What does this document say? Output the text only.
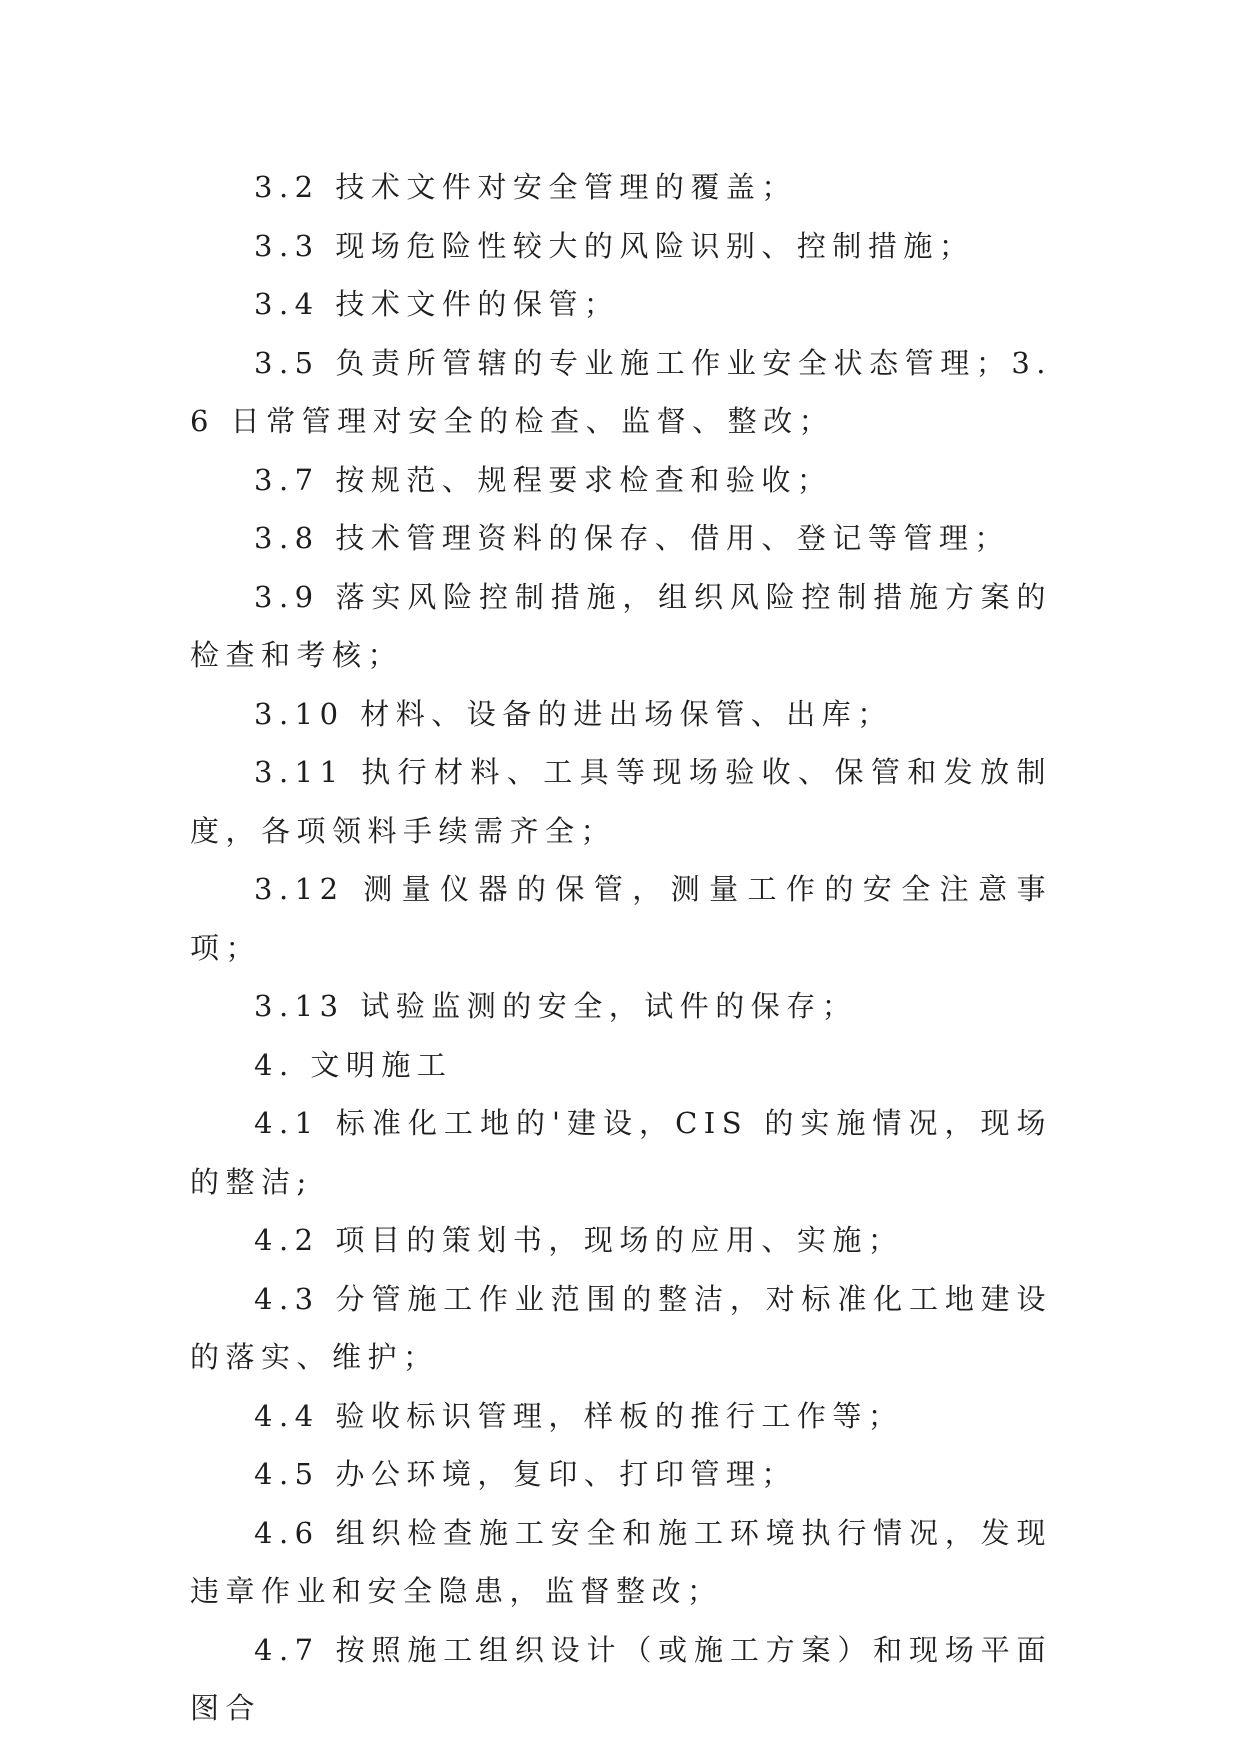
3.2 技术文件对安全管理的覆盖；

3.3 现场危险性较大的风险识别、控制措施；

3.4 技术文件的保管；

3.5 负责所管辖的专业施工作业安全状态管理；3.6 日常管理对安全的检查、监督、整改；

3.7 按规范、规程要求检查和验收；

3.8 技术管理资料的保存、借用、登记等管理；

3.9 落实风险控制措施，组织风险控制措施方案的检查和考核；

3.10 材料、设备的进出场保管、出库；

3.11 执行材料、工具等现场验收、保管和发放制度，各项领料手续需齐全；

3.12 测量仪器的保管，测量工作的安全注意事项；

3.13 试验监测的安全，试件的保存；

4. 文明施工

4.1 标准化工地的'建设，CIS 的实施情况，现场的整洁;

4.2 项目的策划书，现场的应用、实施；

4.3 分管施工作业范围的整洁，对标准化工地建设的落实、维护；

4.4 验收标识管理，样板的推行工作等；

4.5 办公环境，复印、打印管理；

4.6 组织检查施工安全和施工环境执行情况，发现违章作业和安全隐患，监督整改；

4.7 按照施工组织设计（或施工方案）和现场平面图合
